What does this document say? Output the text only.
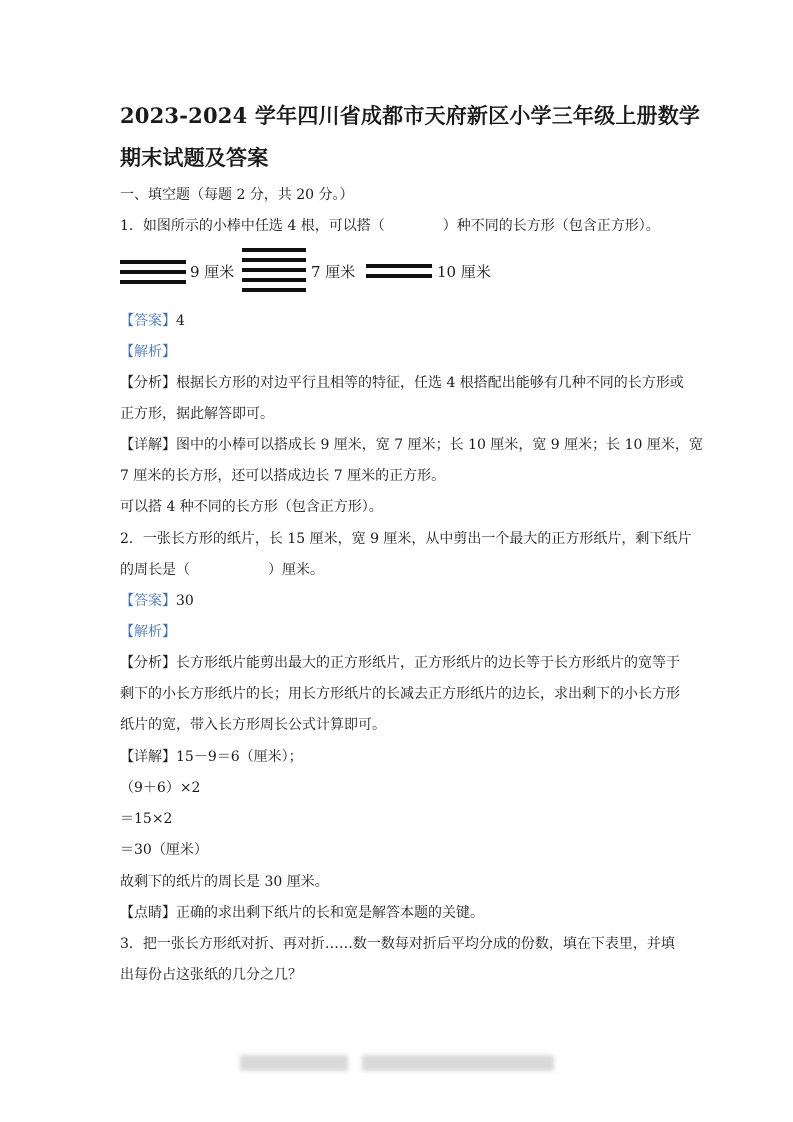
2023-2024 学年四川省成都市天府新区小学三年级上册数学
期末试题及答案
一、填空题（每题 2 分，共 20 分。）
1．如图所示的小棒中任选 4 根，可以搭（	）种不同的长方形（包含正方形）。
9 厘米	7 厘米	10 厘米
【答案】4
【解析】
【分析】根据长方形的对边平行且相等的特征，任选 4 根搭配出能够有几种不同的长方形或
正方形，据此解答即可。
【详解】图中的小棒可以搭成长 9 厘米，宽 7 厘米；长 10 厘米，宽 9 厘米；长 10 厘米，宽
7 厘米的长方形，还可以搭成边长 7 厘米的正方形。
可以搭 4 种不同的长方形（包含正方形）。
2．一张长方形的纸片，长 15 厘米，宽 9 厘米，从中剪出一个最大的正方形纸片，剩下纸片
的周长是（	）厘米。
【答案】30
【解析】
【分析】长方形纸片能剪出最大的正方形纸片，正方形纸片的边长等于长方形纸片的宽等于
剩下的小长方形纸片的长；用长方形纸片的长减去正方形纸片的边长，求出剩下的小长方形
纸片的宽，带入长方形周长公式计算即可。
【详解】15－9＝6（厘米）；
（9＋6）×2
＝15×2
＝30（厘米）
故剩下的纸片的周长是 30 厘米。
【点睛】正确的求出剩下纸片的长和宽是解答本题的关键。
3．把一张长方形纸对折、再对折……数一数每对折后平均分成的份数，填在下表里，并填
出每份占这张纸的几分之几？
